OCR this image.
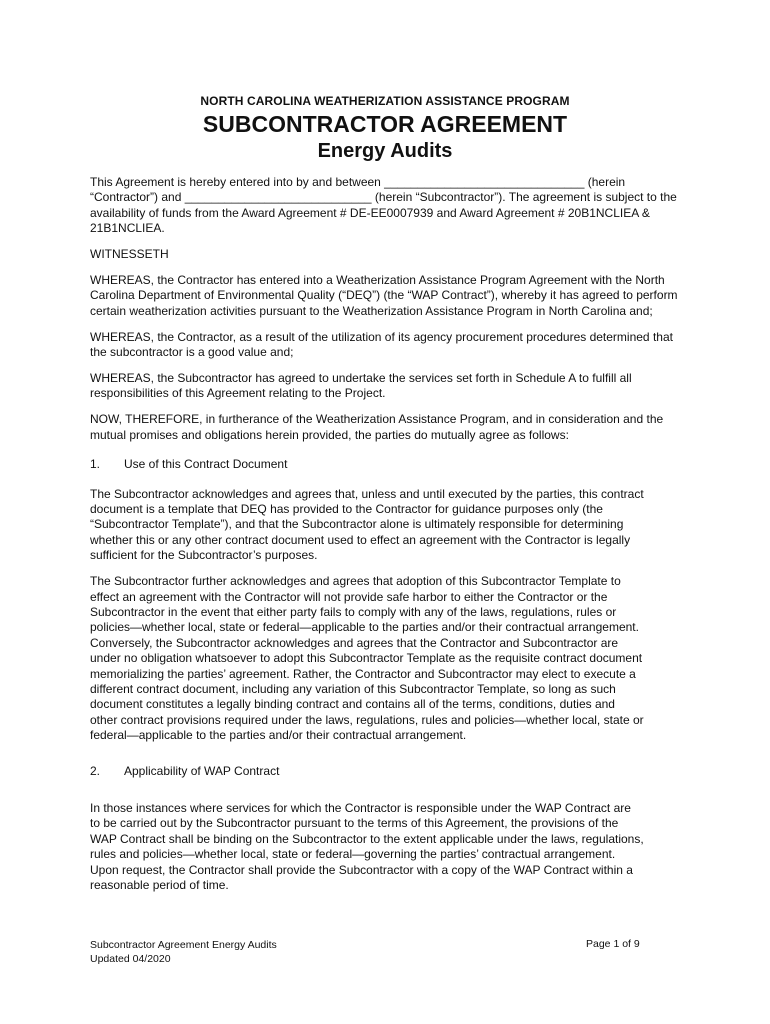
NORTH CAROLINA WEATHERIZATION ASSISTANCE PROGRAM
SUBCONTRACTOR AGREEMENT
Energy Audits

This Agreement is hereby entered into by and between ______________________________ (herein “Contractor”) and ____________________________ (herein “Subcontractor”). The agreement is subject to the availability of funds from the Award Agreement # DE-EE0007939 and Award Agreement # 20B1NCLIEA & 21B1NCLIEA.

WITNESSETH

WHEREAS, the Contractor has entered into a Weatherization Assistance Program Agreement with the North Carolina Department of Environmental Quality (“DEQ”) (the “WAP Contract”), whereby it has agreed to perform certain weatherization activities pursuant to the Weatherization Assistance Program in North Carolina and;

WHEREAS, the Contractor, as a result of the utilization of its agency procurement procedures determined that the subcontractor is a good value and;

WHEREAS, the Subcontractor has agreed to undertake the services set forth in Schedule A to fulfill all responsibilities of this Agreement relating to the Project.

NOW, THEREFORE, in furtherance of the Weatherization Assistance Program, and in consideration and the mutual promises and obligations herein provided, the parties do mutually agree as follows:

1.	Use of this Contract Document

The Subcontractor acknowledges and agrees that, unless and until executed by the parties, this contract document is a template that DEQ has provided to the Contractor for guidance purposes only (the “Subcontractor Template”), and that the Subcontractor alone is ultimately responsible for determining whether this or any other contract document used to effect an agreement with the Contractor is legally sufficient for the Subcontractor’s purposes.

The Subcontractor further acknowledges and agrees that adoption of this Subcontractor Template to effect an agreement with the Contractor will not provide safe harbor to either the Contractor or the Subcontractor in the event that either party fails to comply with any of the laws, regulations, rules or policies—whether local, state or federal—applicable to the parties and/or their contractual arrangement. Conversely, the Subcontractor acknowledges and agrees that the Contractor and Subcontractor are under no obligation whatsoever to adopt this Subcontractor Template as the requisite contract document memorializing the parties’ agreement. Rather, the Contractor and Subcontractor may elect to execute a different contract document, including any variation of this Subcontractor Template, so long as such document constitutes a legally binding contract and contains all of the terms, conditions, duties and other contract provisions required under the laws, regulations, rules and policies—whether local, state or federal—applicable to the parties and/or their contractual arrangement.

2.	Applicability of WAP Contract

In those instances where services for which the Contractor is responsible under the WAP Contract are to be carried out by the Subcontractor pursuant to the terms of this Agreement, the provisions of the WAP Contract shall be binding on the Subcontractor to the extent applicable under the laws, regulations, rules and policies—whether local, state or federal—governing the parties’ contractual arrangement. Upon request, the Contractor shall provide the Subcontractor with a copy of the WAP Contract within a reasonable period of time.

Subcontractor Agreement Energy Audits
Updated 04/2020
Page 1 of 9
